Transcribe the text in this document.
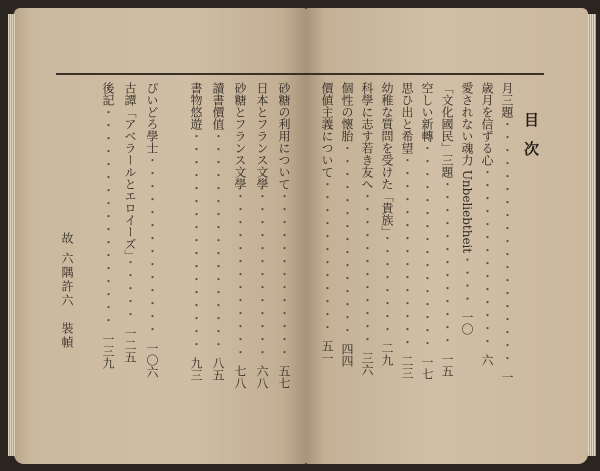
目次
月三題・・・・・・・・・・・・・・・・・・・一
歳月を信ずる心・・・・・・・・・・・・・・六
愛されない魂力 Unbeliebtheit・・・・一〇
「文化國民」三題・・・・・・・・・・・・・一五
空しい新轉・・・・・・・・・・・・・・・・一七
思ひ出と希望・・・・・・・・・・・・・・・二三
幼稚な質問を受けた「貴族」・・・・・・・・二九
科學に志す若き友へ・・・・・・・・・・・・三六
個性の懷胎・・・・・・・・・・・・・・・四四
價値主義について・・・・・・・・・・・・五一
砂糖の利用について・・・・・・・・・・・・・五七
日本とフランス文學・・・・・・・・・・・・・六八
砂糖とフランス文學・・・・・・・・・・・・・七八
讀書價值・・・・・・・・・・・・・・・・・八五
書物悠遊・・・・・・・・・・・・・・・・・九三
ぴいどろ學士・・・・・・・・・・・・・・一〇六
古譚「アベラールとエロイーズ」・・・・・一二五
後記・・・・・・・・・・・・・・・・・一三九
故 六隅許六裝幀
